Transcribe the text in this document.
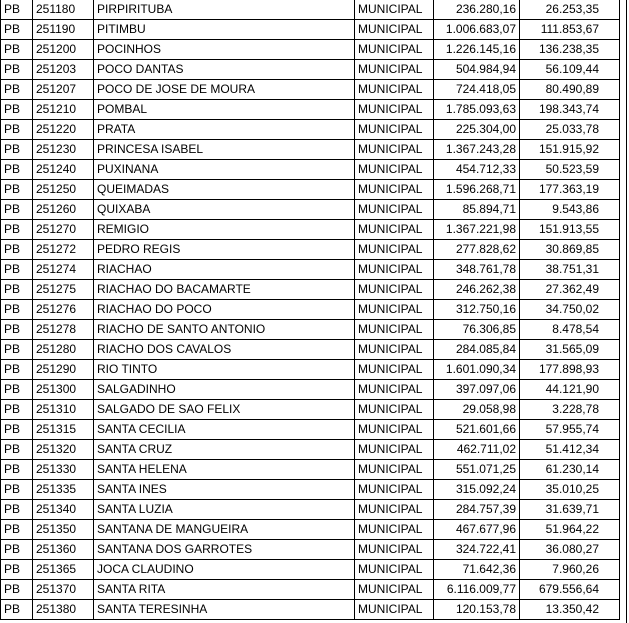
PB	251180	PIRPIRITUBA	MUNICIPAL	236.280,16	26.253,35
PB	251190	PITIMBU	MUNICIPAL	1.006.683,07	111.853,67
PB	251200	POCINHOS	MUNICIPAL	1.226.145,16	136.238,35
PB	251203	POCO DANTAS	MUNICIPAL	504.984,94	56.109,44
PB	251207	POCO DE JOSE DE MOURA	MUNICIPAL	724.418,05	80.490,89
PB	251210	POMBAL	MUNICIPAL	1.785.093,63	198.343,74
PB	251220	PRATA	MUNICIPAL	225.304,00	25.033,78
PB	251230	PRINCESA ISABEL	MUNICIPAL	1.367.243,28	151.915,92
PB	251240	PUXINANA	MUNICIPAL	454.712,33	50.523,59
PB	251250	QUEIMADAS	MUNICIPAL	1.596.268,71	177.363,19
PB	251260	QUIXABA	MUNICIPAL	85.894,71	9.543,86
PB	251270	REMIGIO	MUNICIPAL	1.367.221,98	151.913,55
PB	251272	PEDRO REGIS	MUNICIPAL	277.828,62	30.869,85
PB	251274	RIACHAO	MUNICIPAL	348.761,78	38.751,31
PB	251275	RIACHAO DO BACAMARTE	MUNICIPAL	246.262,38	27.362,49
PB	251276	RIACHAO DO POCO	MUNICIPAL	312.750,16	34.750,02
PB	251278	RIACHO DE SANTO ANTONIO	MUNICIPAL	76.306,85	8.478,54
PB	251280	RIACHO DOS CAVALOS	MUNICIPAL	284.085,84	31.565,09
PB	251290	RIO TINTO	MUNICIPAL	1.601.090,34	177.898,93
PB	251300	SALGADINHO	MUNICIPAL	397.097,06	44.121,90
PB	251310	SALGADO DE SAO FELIX	MUNICIPAL	29.058,98	3.228,78
PB	251315	SANTA CECILIA	MUNICIPAL	521.601,66	57.955,74
PB	251320	SANTA CRUZ	MUNICIPAL	462.711,02	51.412,34
PB	251330	SANTA HELENA	MUNICIPAL	551.071,25	61.230,14
PB	251335	SANTA INES	MUNICIPAL	315.092,24	35.010,25
PB	251340	SANTA LUZIA	MUNICIPAL	284.757,39	31.639,71
PB	251350	SANTANA DE MANGUEIRA	MUNICIPAL	467.677,96	51.964,22
PB	251360	SANTANA DOS GARROTES	MUNICIPAL	324.722,41	36.080,27
PB	251365	JOCA CLAUDINO	MUNICIPAL	71.642,36	7.960,26
PB	251370	SANTA RITA	MUNICIPAL	6.116.009,77	679.556,64
PB	251380	SANTA TERESINHA	MUNICIPAL	120.153,78	13.350,42
